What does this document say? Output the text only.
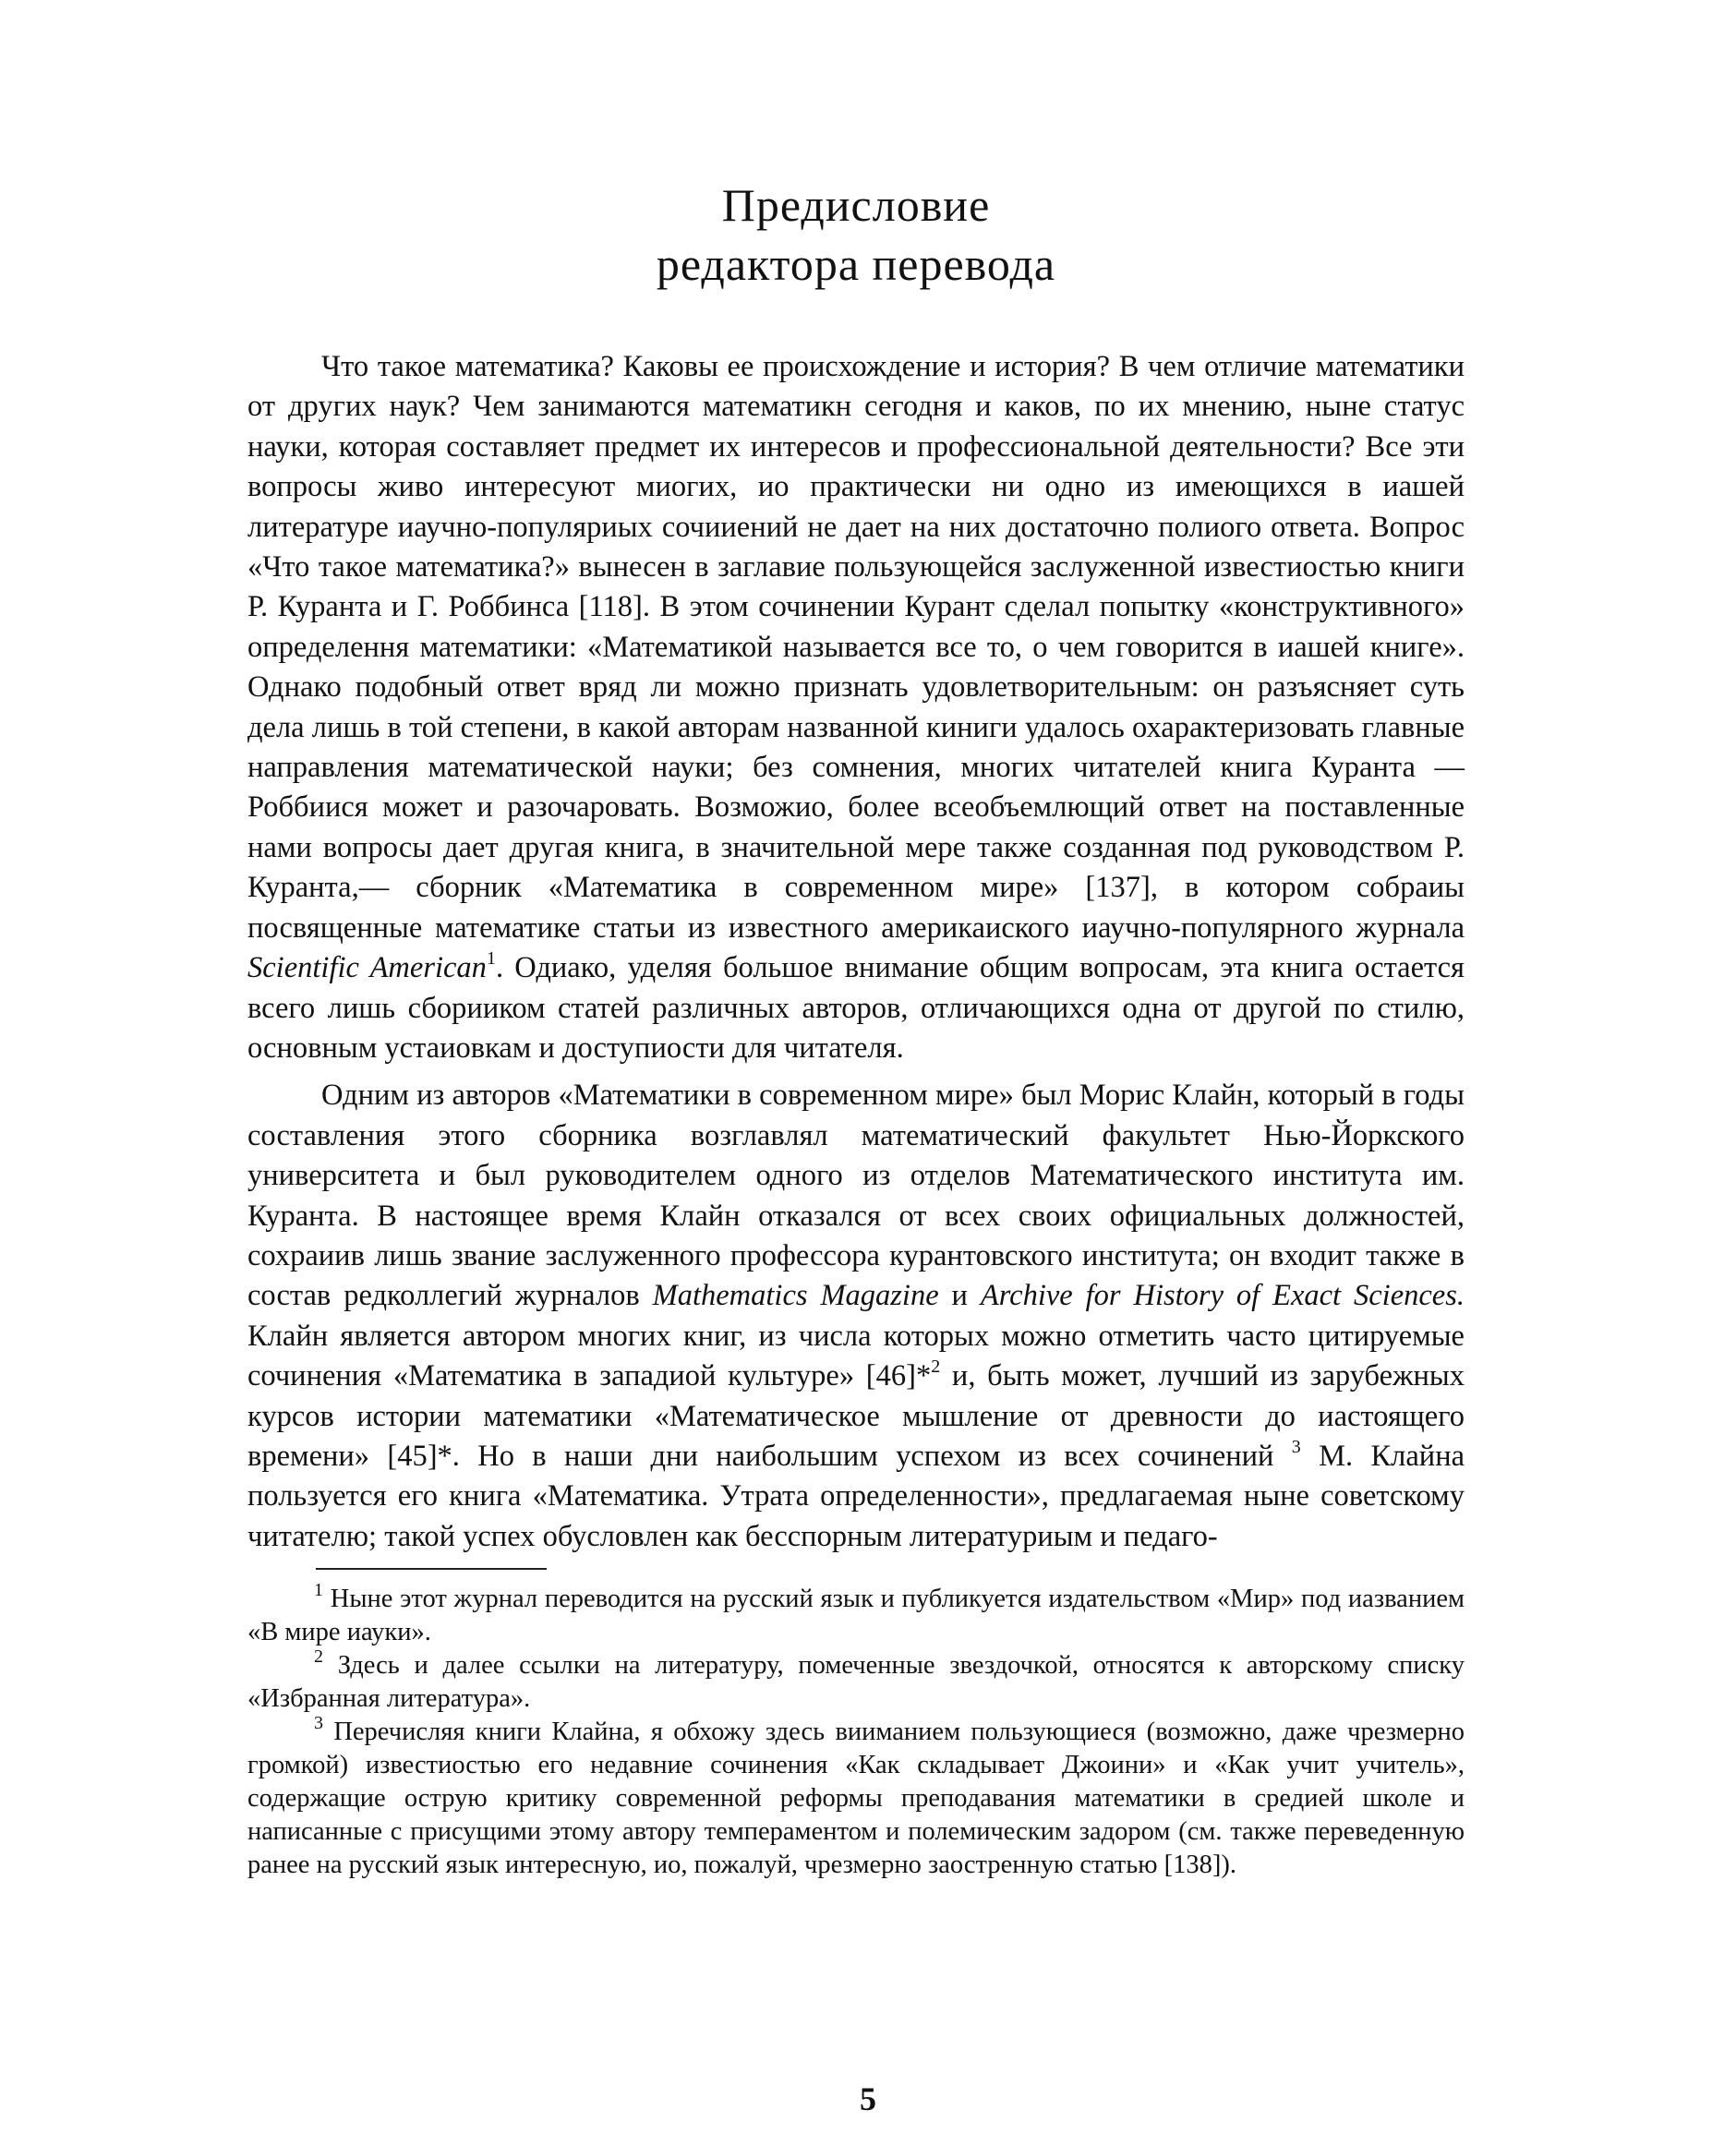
Предисловие
редактора перевода

Что такое математика? Каковы ее происхождение и история? В чем отличие математики от других наук? Чем занимаются математикн сегодня и каков, по их мнению, ныне статус науки, которая составляет предмет их интересов и профессиональной деятельности? Все эти вопросы живо интересуют миогих, ио практически ни одно из имеющихся в иашей литературе иаучно-популяриых сочииений не дает на них достаточно полиого ответа. Вопрос «Что такое математика?» вынесен в заглавие пользующейся заслуженной известиостью книги Р. Куранта и Г. Роббинса [118]. В этом сочинении Курант сделал попытку «конструктивного» определення математики: «Математикой называется все то, о чем говорится в иашей книге». Однако подобный ответ вряд ли можно признать удовлетворительным: он разъясняет суть дела лишь в той степени, в какой авторам названной киниги удалось охарактеризовать главные направления математической науки; без сомнения, многих читателей книга Куранта — Роббиися может и разочаровать. Возможио, более всеобъемлющий ответ на поставленные нами вопросы дает другая книга, в значительной мере также созданная под руководством Р. Куранта,— сборник «Математика в современном мире» [137], в котором собраиы посвященные математике статьи из известного америкаиского иаучно-популярного журнала Scientific American$^1$. Одиако, уделяя большое внимание общим вопросам, эта книга остается всего лишь сборииком статей различных авторов, отличающихся одна от другой по стилю, основным устаиовкам и доступиости для читателя.

Одним из авторов «Математики в современном мире» был Морис Клайн, который в годы составления этого сборника возглавлял математический факультет Нью-Йоркского университета и был руководителем одного из отделов Математического института им. Куранта. В настоящее время Клайн отказался от всех своих официальных должностей, сохраиив лишь звание заслуженного профессора курантовского института; он входит также в состав редколлегий журналов Mathematics Magazine и Archive for History of Exact Sciences. Клайн является автором многих книг, из числа которых можно отметить часто цитируемые сочинения «Математика в западиой культуре» [46]*$^2$ и, быть может, лучший из зарубежных курсов истории математики «Математическое мышление от древности до иастоящего времени» [45]*. Но в наши дни наибольшим успехом из всех сочинений $^3$ М. Клайна пользуется его книга «Математика. Утрата определенности», предлагаемая ныне советскому читателю; такой успех обусловлен как бесспорным литературиым и педаго-

$^1$ Ныне этот журнал переводится на русский язык и публикуется издательством «Мир» под иазванием «В мире иауки».

$^2$ Здесь и далее ссылки на литературу, помеченные звездочкой, относятся к авторскому списку «Избранная литература».

$^3$ Перечисляя книги Клайна, я обхожу здесь вииманием пользующиеся (возможно, даже чрезмерно громкой) известиостью его недавние сочинения «Как складывает Джоини» и «Как учит учитель», содержащие острую критику современной реформы преподавания математики в средией школе и написанные с присущими этому автору темпераментом и полемическим задором (см. также переведенную ранее на русский язык интересную, ио, пожалуй, чрезмерно заостренную статью [138]).

5
